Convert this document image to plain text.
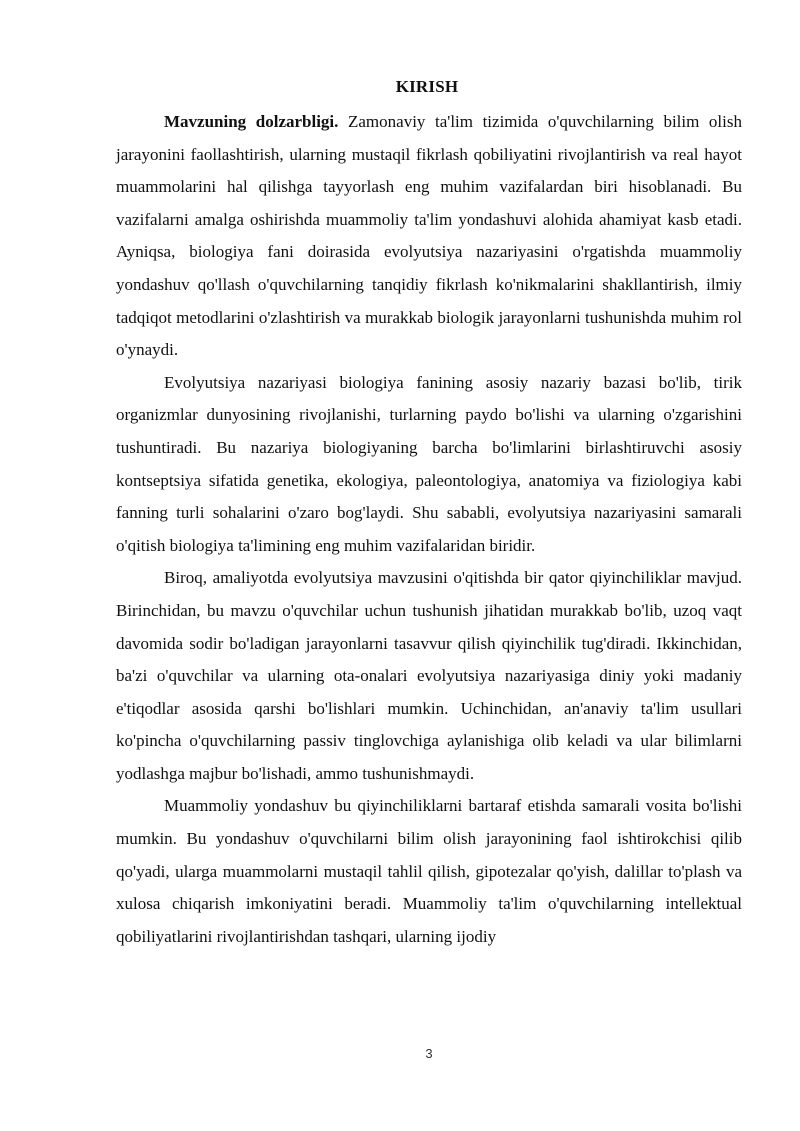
KIRISH

Mavzuning dolzarbligi. Zamonaviy ta'lim tizimida o'quvchilarning bilim olish jarayonini faollashtirish, ularning mustaqil fikrlash qobiliyatini rivojlantirish va real hayot muammolarini hal qilishga tayyorlash eng muhim vazifalardan biri hisoblanadi. Bu vazifalarni amalga oshirishda muammoliy ta'lim yondashuvi alohida ahamiyat kasb etadi. Ayniqsa, biologiya fani doirasida evolyutsiya nazariyasini o'rgatishda muammoliy yondashuv qo'llash o'quvchilarning tanqidiy fikrlash ko'nikmalarini shakllantirish, ilmiy tadqiqot metodlarini o'zlashtirish va murakkab biologik jarayonlarni tushunishda muhim rol o'ynaydi.

Evolyutsiya nazariyasi biologiya fanining asosiy nazariy bazasi bo'lib, tirik organizmlar dunyosining rivojlanishi, turlarning paydo bo'lishi va ularning o'zgarishini tushuntiradi. Bu nazariya biologiyaning barcha bo'limlarini birlashtiruvchi asosiy kontseptsiya sifatida genetika, ekologiya, paleontologiya, anatomiya va fiziologiya kabi fanning turli sohalarini o'zaro bog'laydi. Shu sababli, evolyutsiya nazariyasini samarali o'qitish biologiya ta'limining eng muhim vazifalaridan biridir.

Biroq, amaliyotda evolyutsiya mavzusini o'qitishda bir qator qiyinchiliklar mavjud. Birinchidan, bu mavzu o'quvchilar uchun tushunish jihatidan murakkab bo'lib, uzoq vaqt davomida sodir bo'ladigan jarayonlarni tasavvur qilish qiyinchilik tug'diradi. Ikkinchidan, ba'zi o'quvchilar va ularning ota-onalari evolyutsiya nazariyasiga diniy yoki madaniy e'tiqodlar asosida qarshi bo'lishlari mumkin. Uchinchidan, an'anaviy ta'lim usullari ko'pincha o'quvchilarning passiv tinglovchiga aylanishiga olib keladi va ular bilimlarni yodlashga majbur bo'lishadi, ammo tushunishmaydi.

Muammoliy yondashuv bu qiyinchiliklarni bartaraf etishda samarali vosita bo'lishi mumkin. Bu yondashuv o'quvchilarni bilim olish jarayonining faol ishtirokchisi qilib qo'yadi, ularga muammolarni mustaqil tahlil qilish, gipotezalar qo'yish, dalillar to'plash va xulosa chiqarish imkoniyatini beradi. Muammoliy ta'lim o'quvchilarning intellektual qobiliyatlarini rivojlantirishdan tashqari, ularning ijodiy

3
